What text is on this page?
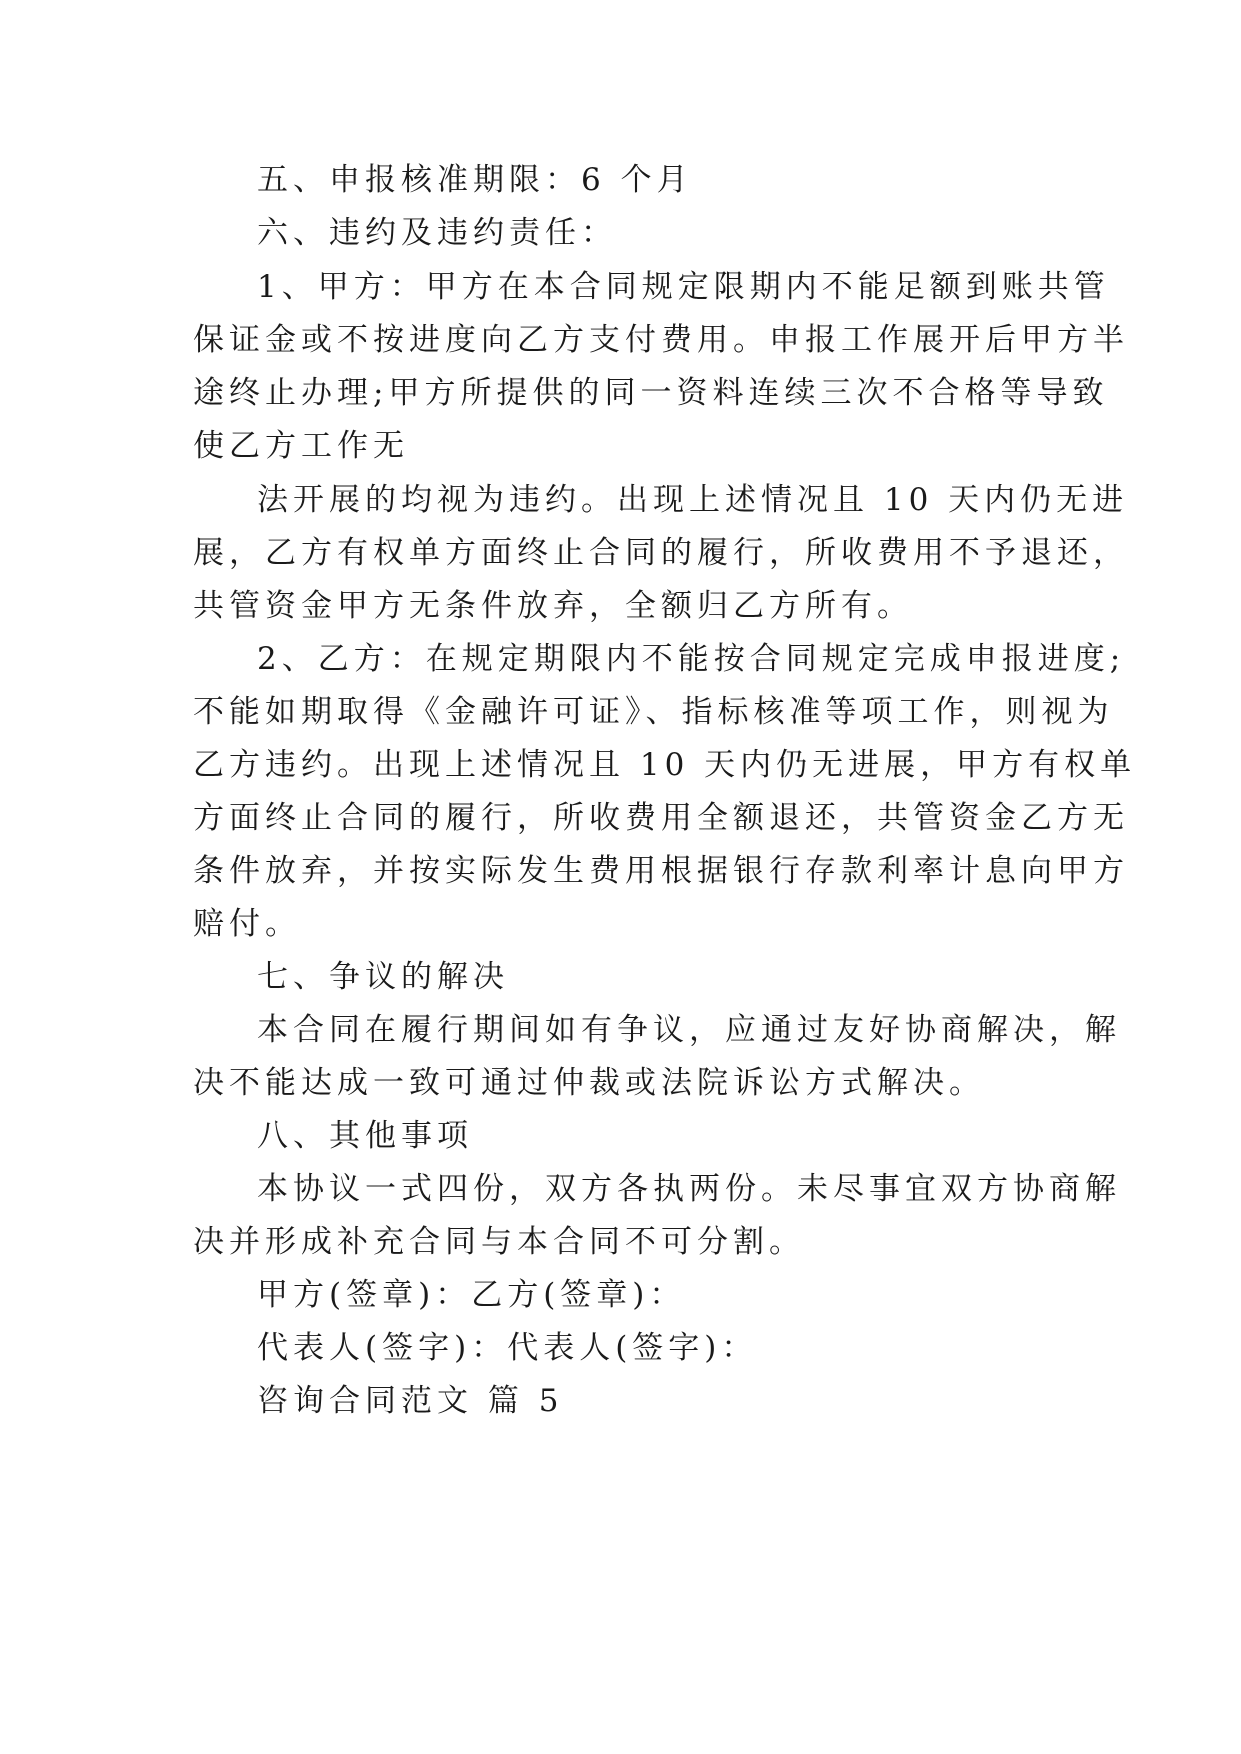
五、申报核准期限：6 个月
六、违约及违约责任：
1、甲方：甲方在本合同规定限期内不能足额到账共管
保证金或不按进度向乙方支付费用。申报工作展开后甲方半
途终止办理;甲方所提供的同一资料连续三次不合格等导致
使乙方工作无
法开展的均视为违约。出现上述情况且 10 天内仍无进
展，乙方有权单方面终止合同的履行，所收费用不予退还，
共管资金甲方无条件放弃，全额归乙方所有。
2、乙方：在规定期限内不能按合同规定完成申报进度;
不能如期取得《金融许可证》、指标核准等项工作，则视为
乙方违约。出现上述情况且 10 天内仍无进展，甲方有权单
方面终止合同的履行，所收费用全额退还，共管资金乙方无
条件放弃，并按实际发生费用根据银行存款利率计息向甲方
赔付。
七、争议的解决
本合同在履行期间如有争议，应通过友好协商解决，解
决不能达成一致可通过仲裁或法院诉讼方式解决。
八、其他事项
本协议一式四份，双方各执两份。未尽事宜双方协商解
决并形成补充合同与本合同不可分割。
甲方(签章)：乙方(签章)：
代表人(签字)：代表人(签字)：
咨询合同范文 篇 5
